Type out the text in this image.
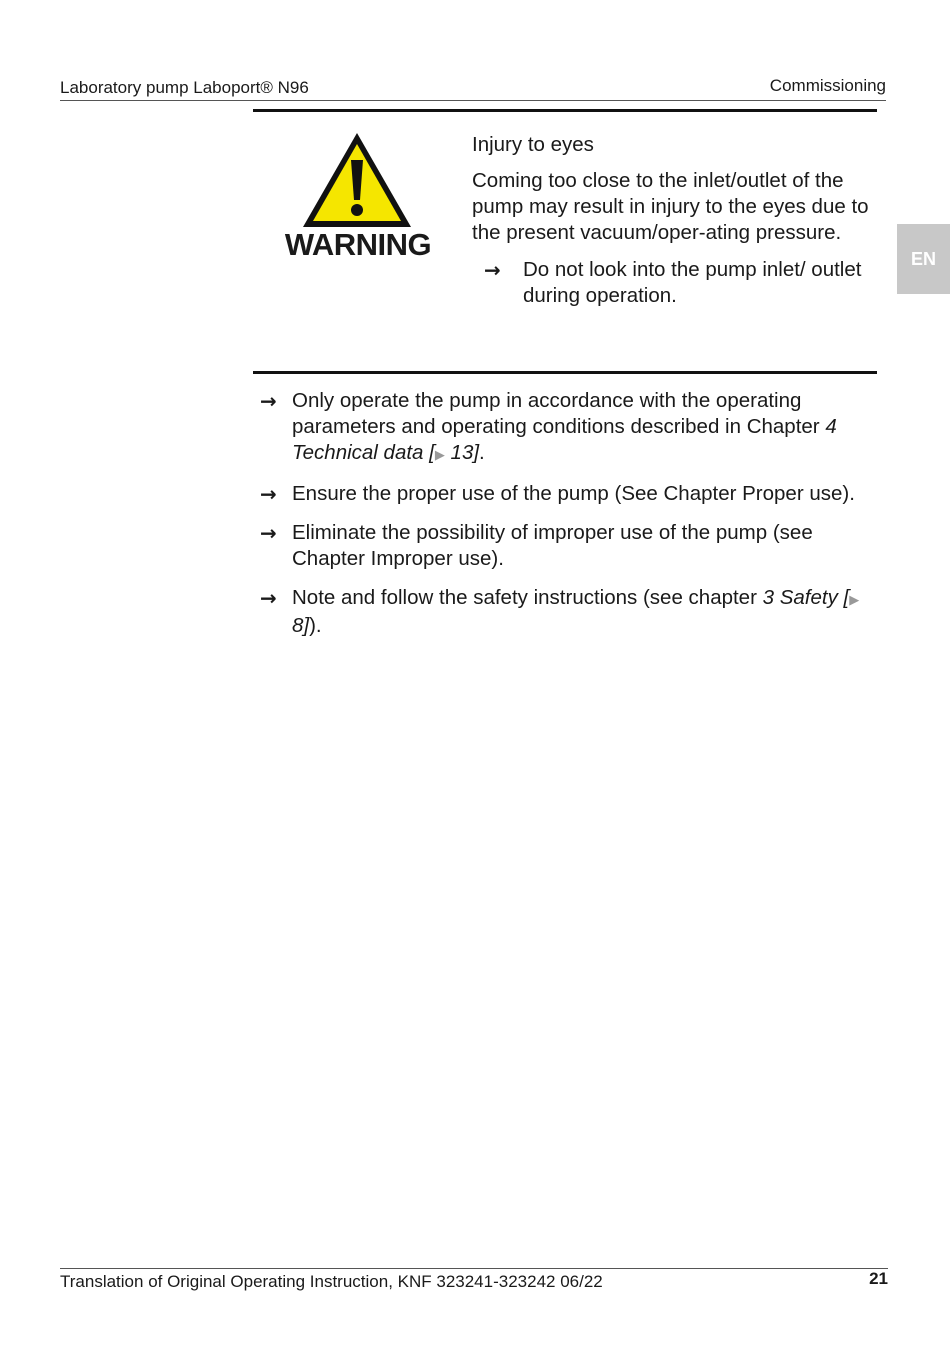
Laboratory pump Laboport® N96	Commissioning
EN
WARNING

Injury to eyes

Coming too close to the inlet/outlet of the pump may result in injury to the eyes due to the present vacuum/oper-ating pressure.

→ Do not look into the pump inlet/ outlet during operation.
→ Only operate the pump in accordance with the operating parameters and operating conditions described in Chapter 4 Technical data [▶ 13].
→ Ensure the proper use of the pump (See Chapter Proper use).
→ Eliminate the possibility of improper use of the pump (see Chapter Improper use).
→ Note and follow the safety instructions (see chapter 3 Safety [▶ 8]).
Translation of Original Operating Instruction, KNF 323241-323242 06/22	21
